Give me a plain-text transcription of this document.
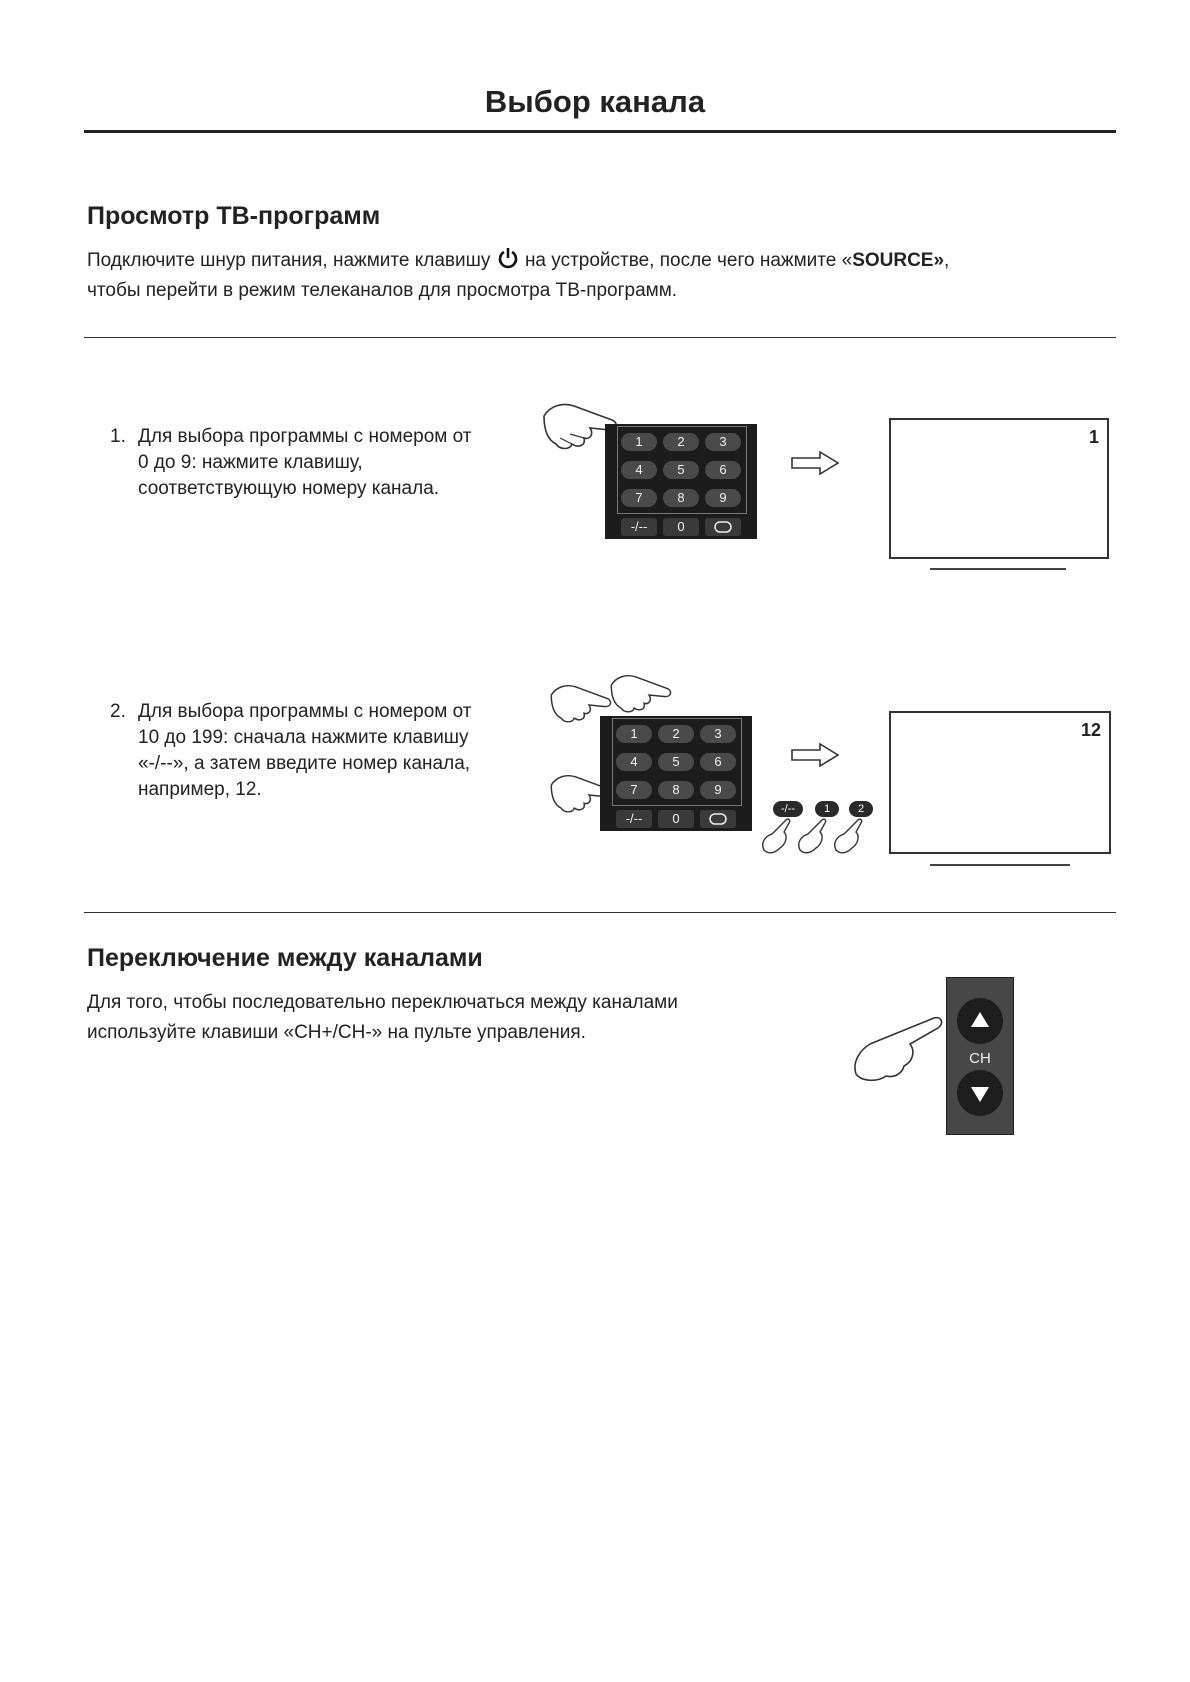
Выбор канала
Просмотр ТВ-программ
Подключите шнур питания, нажмите клавишу на устройстве, после чего нажмите «SOURCE»,
чтобы перейти в режим телеканалов для просмотра ТВ-программ.
1. Для выбора программы с номером от
0 до 9: нажмите клавишу,
соответствующую номеру канала.
1	2	3
4	5	6
7	8	9
-/--	0
1
2. Для выбора программы с номером от
10 до 199: сначала нажмите клавишу
«-/--», а затем введите номер канала,
например, 12.
1	2	3
4	5	6
7	8	9
-/--	0
-/--	1	2
12
Переключение между каналами
Для того, чтобы последовательно переключаться между каналами
используйте клавиши «CH+/CH-» на пульте управления.
CH
